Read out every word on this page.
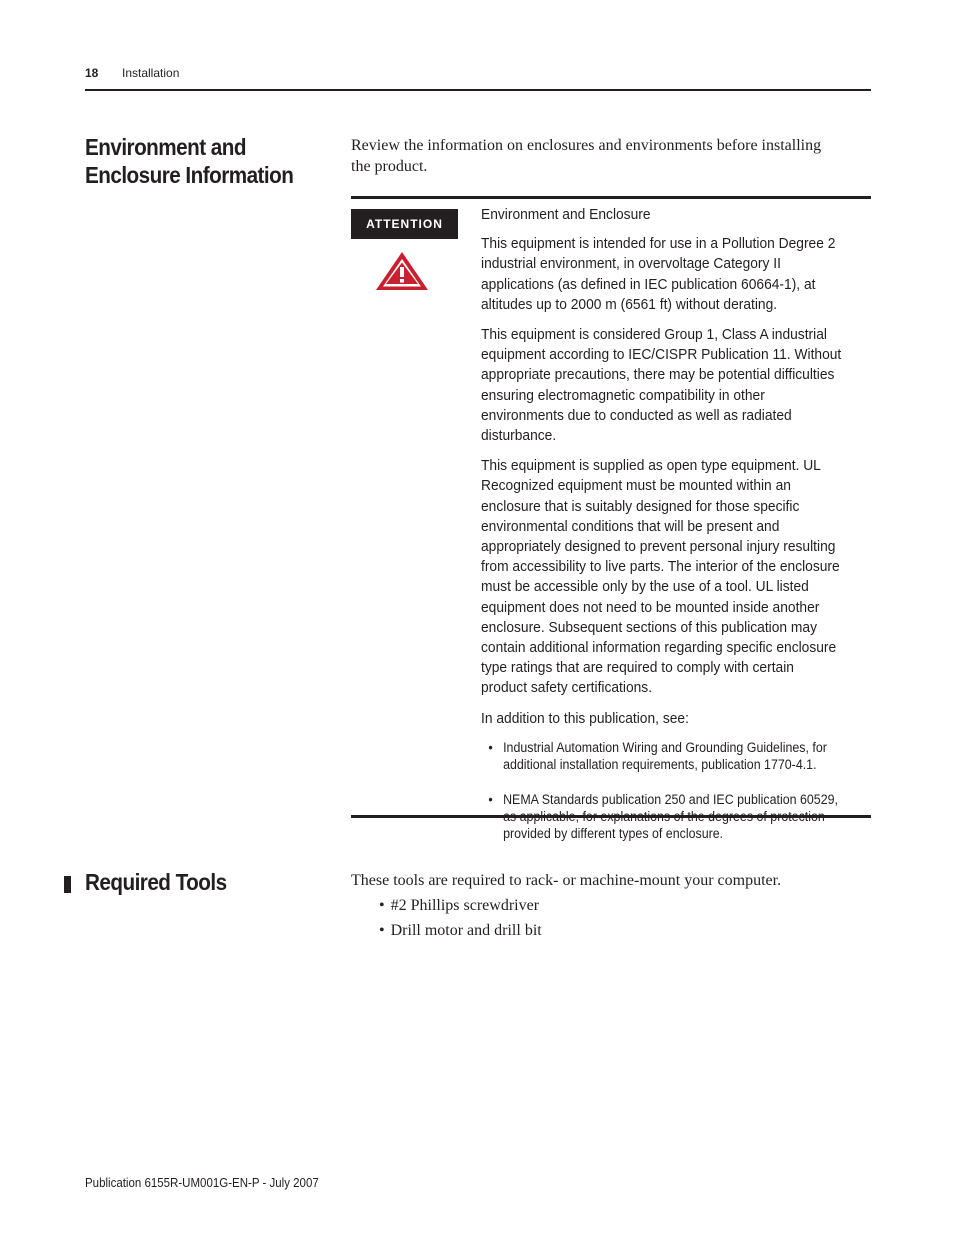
18 Installation
Environment and Enclosure Information
Review the information on enclosures and environments before installing the product.
ATTENTION

Environment and Enclosure

This equipment is intended for use in a Pollution Degree 2 industrial environment, in overvoltage Category II applications (as defined in IEC publication 60664-1), at altitudes up to 2000 m (6561 ft) without derating.

This equipment is considered Group 1, Class A industrial equipment according to IEC/CISPR Publication 11. Without appropriate precautions, there may be potential difficulties ensuring electromagnetic compatibility in other environments due to conducted as well as radiated disturbance.

This equipment is supplied as open type equipment. UL Recognized equipment must be mounted within an enclosure that is suitably designed for those specific environmental conditions that will be present and appropriately designed to prevent personal injury resulting from accessibility to live parts. The interior of the enclosure must be accessible only by the use of a tool. UL listed equipment does not need to be mounted inside another enclosure. Subsequent sections of this publication may contain additional information regarding specific enclosure type ratings that are required to comply with certain product safety certifications.

In addition to this publication, see:

• Industrial Automation Wiring and Grounding Guidelines, for additional installation requirements, publication 1770-4.1.
• NEMA Standards publication 250 and IEC publication 60529, provided by different types of enclosure.
Required Tools	These tools are required to rack- or machine-mount your computer.
• #2 Phillips screwdriver
• Drill motor and drill bit
Publication 6155R-UM001G-EN-P - July 2007
